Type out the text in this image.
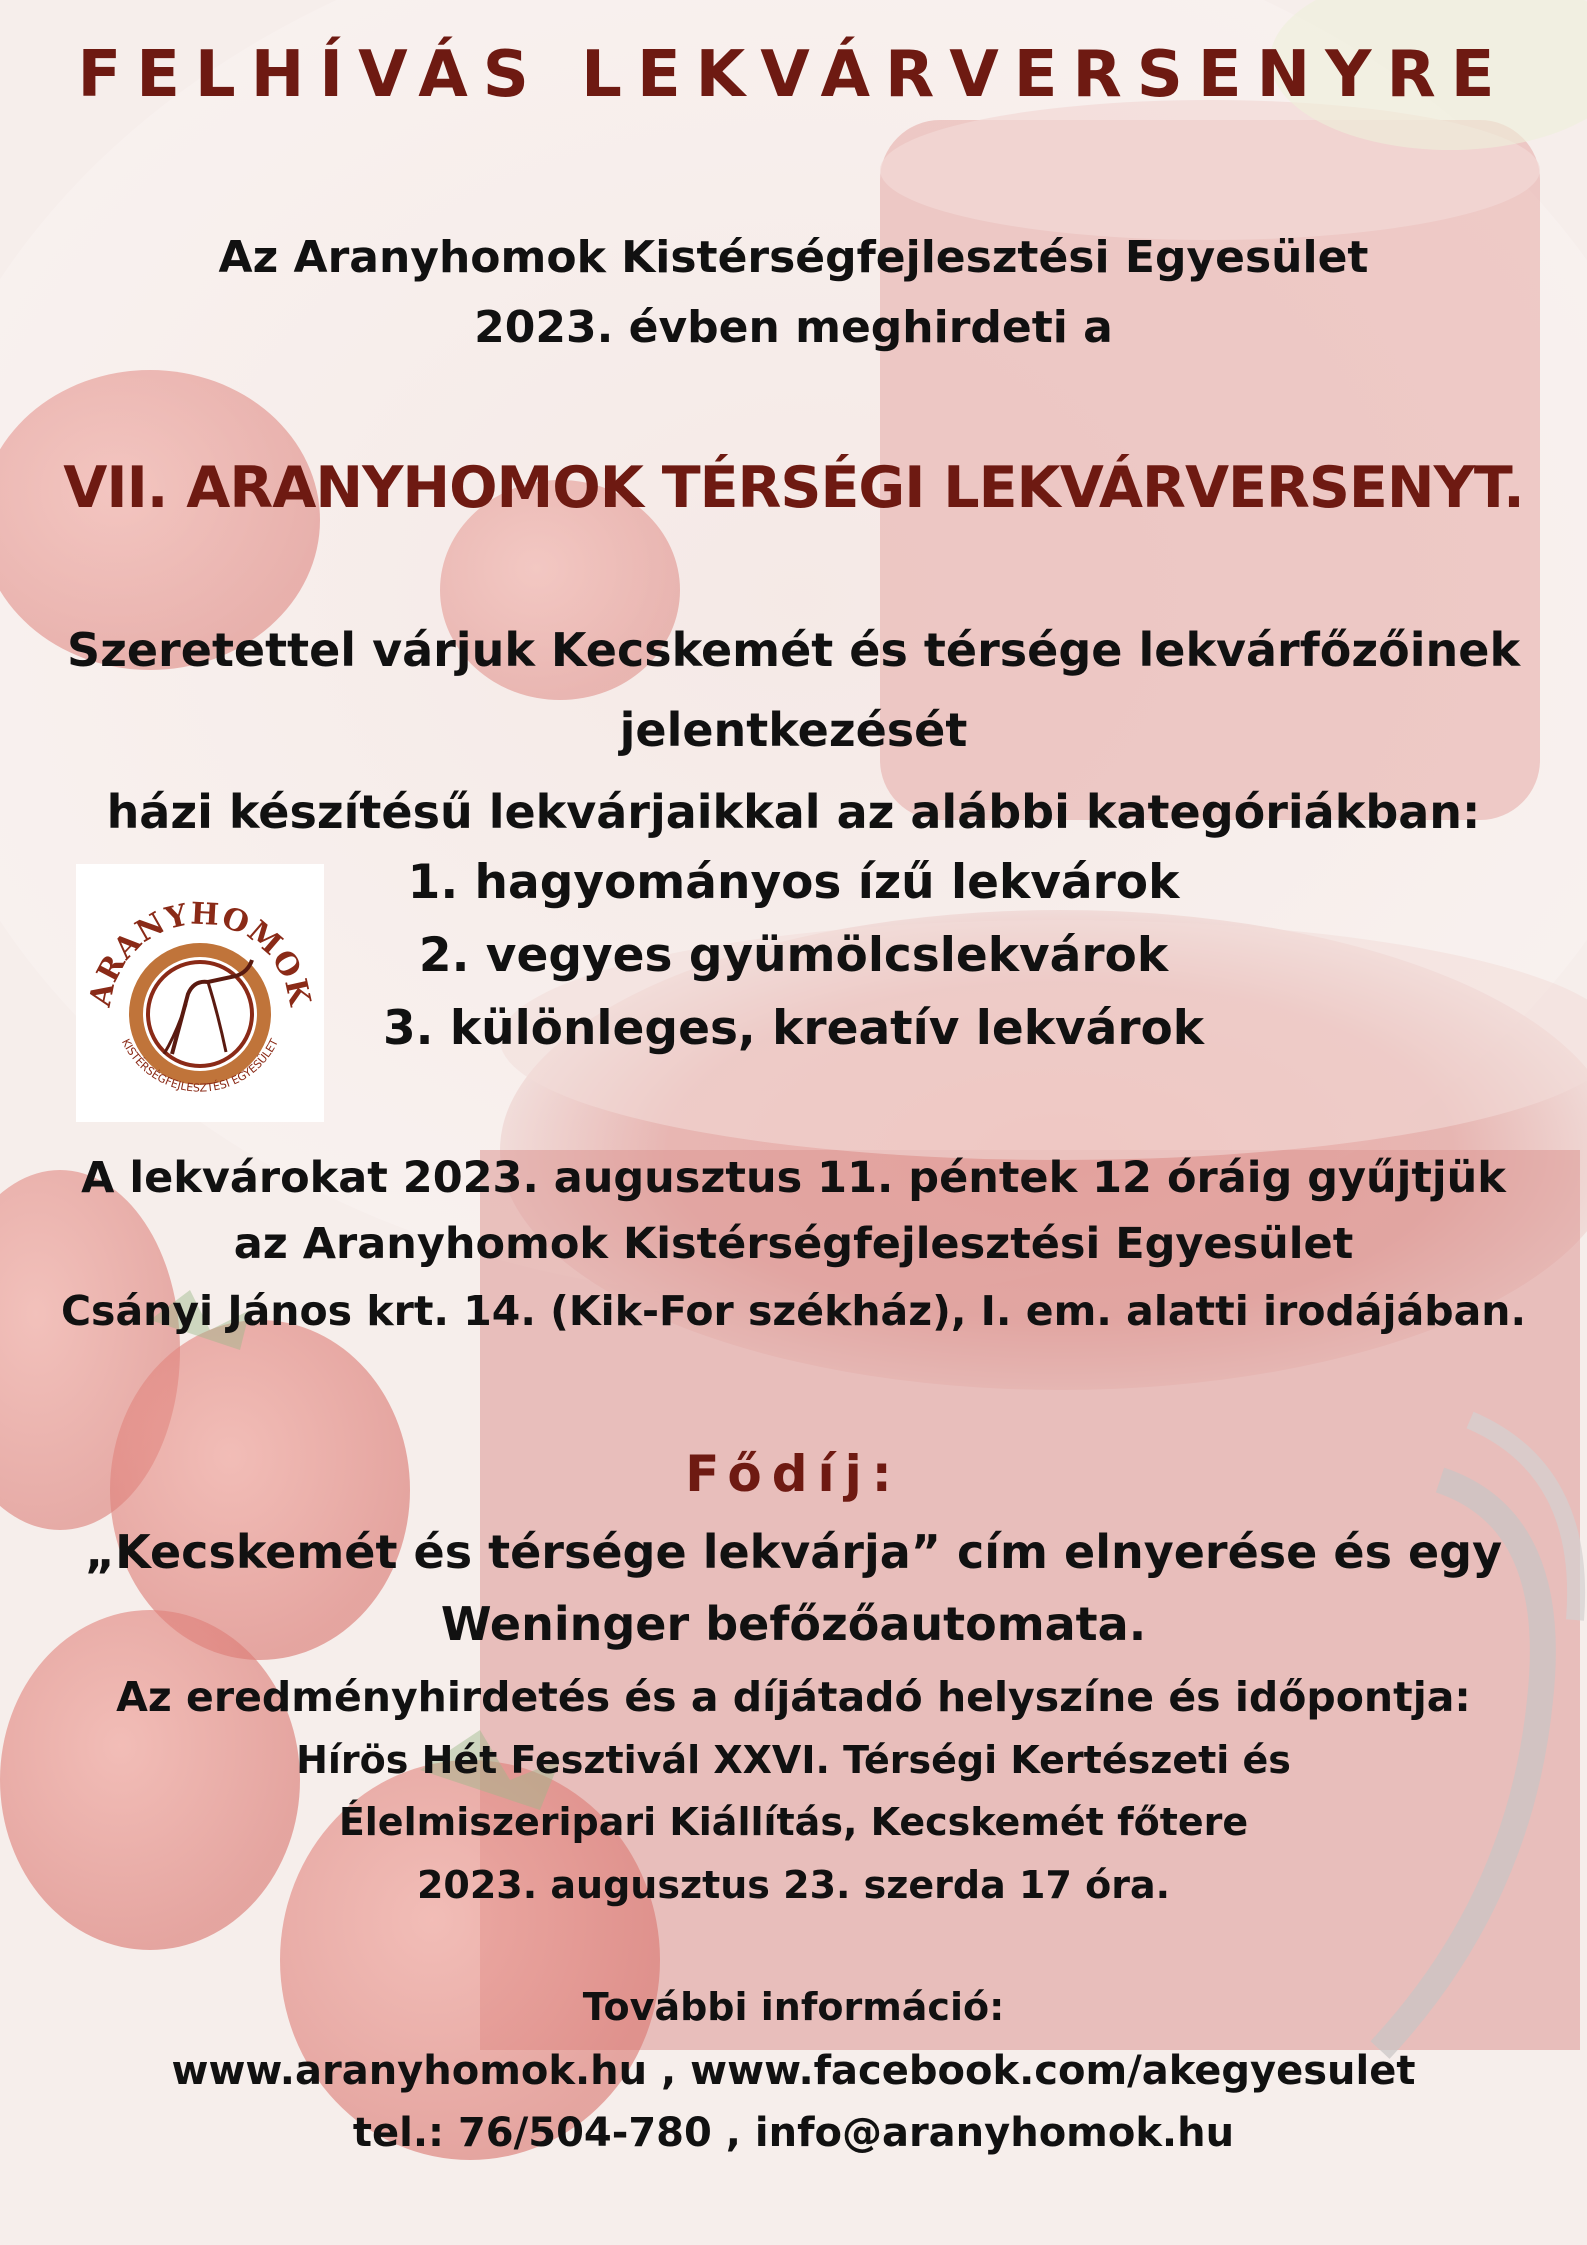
FELHÍVÁS LEKVÁRVERSENYRE
Az Aranyhomok Kistérségfejlesztési Egyesület
2023. évben meghirdeti a
VII. ARANYHOMOK TÉRSÉGI LEKVÁRVERSENYT.
Szeretettel várjuk Kecskemét és térsége lekvárfőzőinek
jelentkezését
házi készítésű lekvárjaikkal az alábbi kategóriákban:
1. hagyományos ízű lekvárok
2. vegyes gyümölcslekvárok
3. különleges, kreatív lekvárok
ARANYHOMOK
KISTÉRSÉGFEJLESZTÉSI EGYESÜLET
A lekvárokat 2023. augusztus 11. péntek 12 óráig gyűjtjük
az Aranyhomok Kistérségfejlesztési Egyesület
Csányi János krt. 14. (Kik-For székház), I. em. alatti irodájában.
Fődíj:
„Kecskemét és térsége lekvárja” cím elnyerése és egy
Weninger befőzőautomata.
Az eredményhirdetés és a díjátadó helyszíne és időpontja:
Hírös Hét Fesztivál XXVI. Térségi Kertészeti és
Élelmiszeripari Kiállítás, Kecskemét főtere
2023. augusztus 23. szerda 17 óra.
További információ:
www.aranyhomok.hu , www.facebook.com/akegyesulet
tel.: 76/504-780 , info@aranyhomok.hu
